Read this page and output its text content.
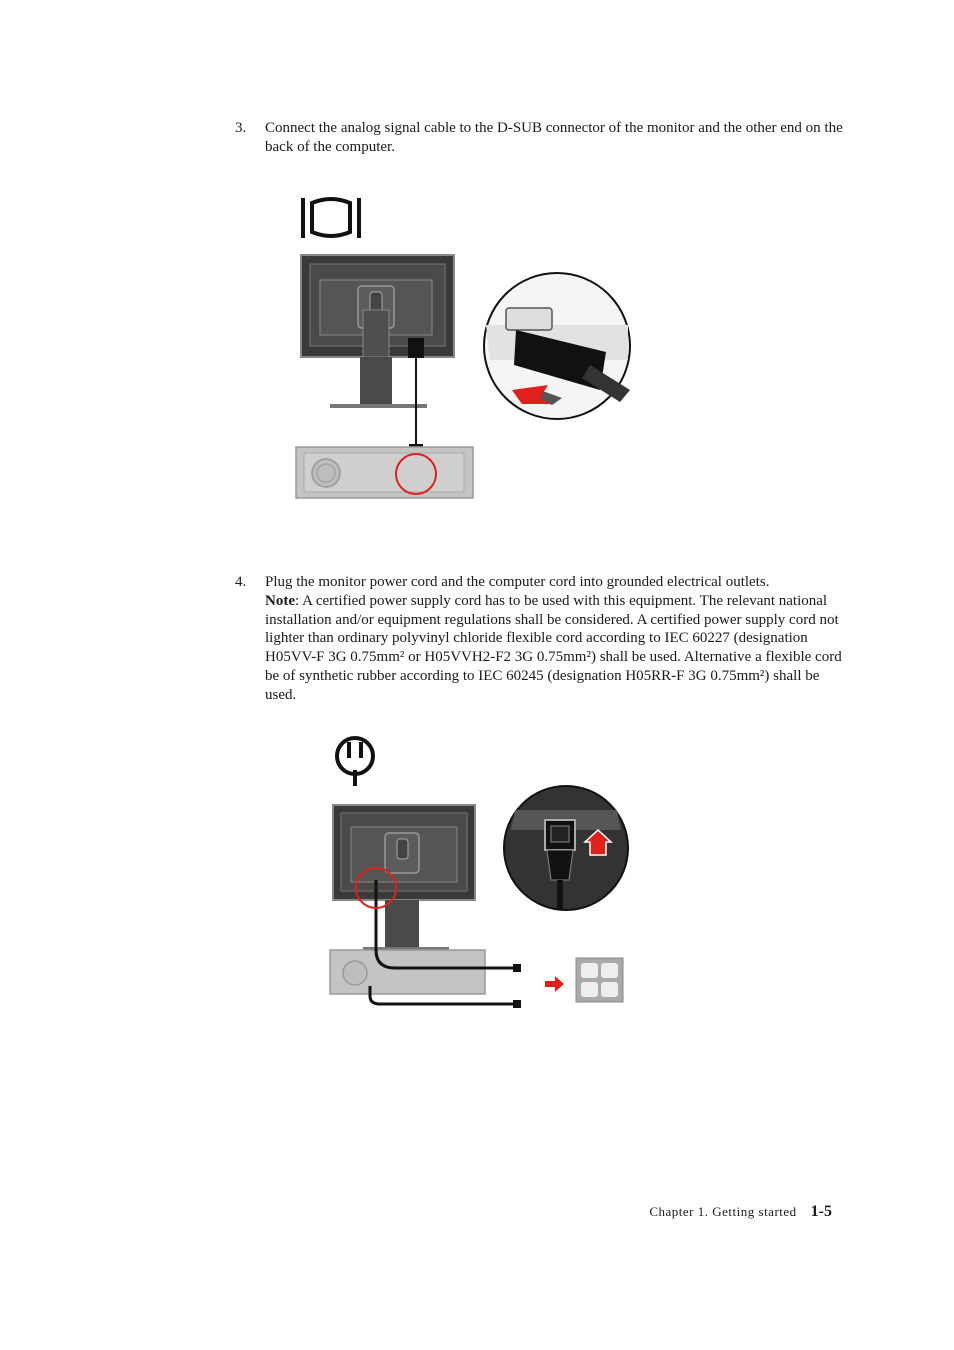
3. Connect the analog signal cable to the D-SUB connector of the monitor and the other end on the back of the computer.

4. Plug the monitor power cord and the computer cord into grounded electrical outlets.

Note: A certified power supply cord has to be used with this equipment. The relevant national installation and/or equipment regulations shall be considered. A certified power supply cord not lighter than ordinary polyvinyl chloride flexible cord according to IEC 60227 (designation H05VV-F 3G 0.75mm² or H05VVH2-F2 3G 0.75mm²) shall be used. Alternative a flexible cord be of synthetic rubber according to IEC 60245 (designation H05RR-F 3G 0.75mm²) shall be used.

Chapter 1. Getting started 1-5
